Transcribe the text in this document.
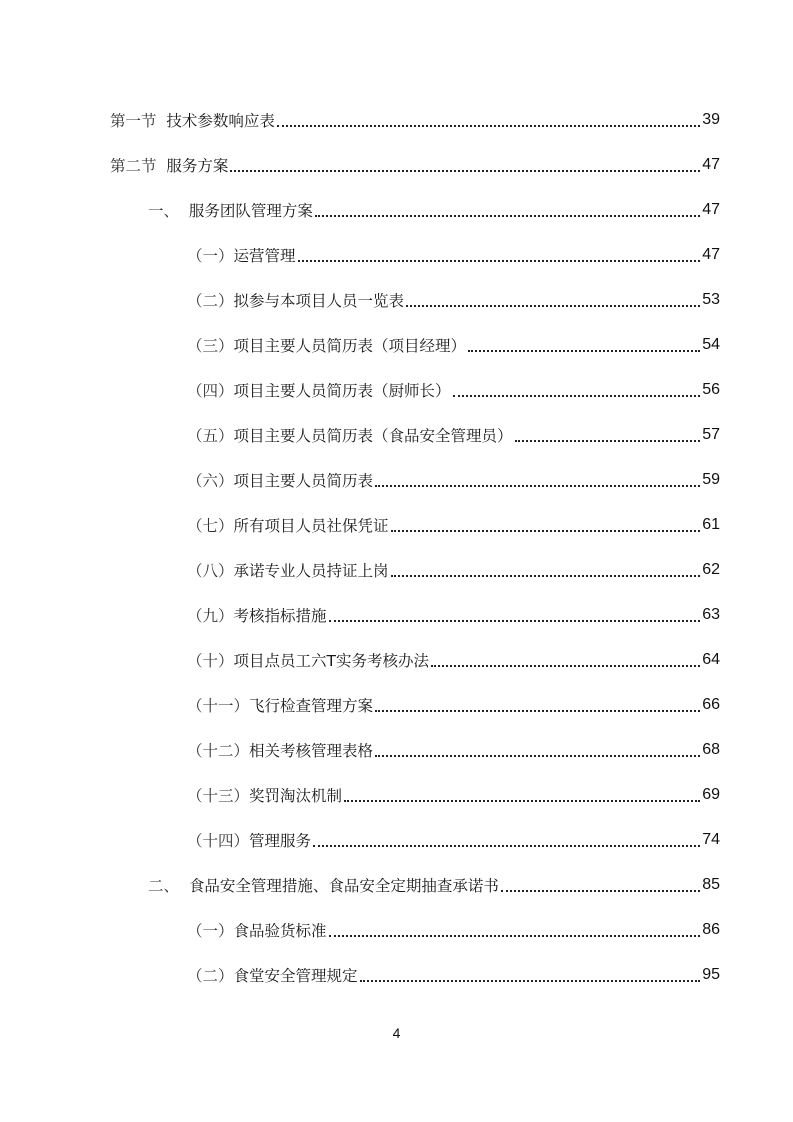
第一节 技术参数响应表	39
第二节 服务方案	47
一、 服务团队管理方案	47
（一） 运营管理	47
（二） 拟参与本项目人员一览表	53
（三） 项目主要人员简历表（项目经理）	54
（四） 项目主要人员简历表（厨师长）	56
（五） 项目主要人员简历表（食品安全管理员）	57
（六） 项目主要人员简历表	59
（七） 所有项目人员社保凭证	61
（八） 承诺专业人员持证上岗	62
（九） 考核指标措施	63
（十） 项目点员工六T实务考核办法	64
（十一） 飞行检查管理方案	66
（十二） 相关考核管理表格	68
（十三） 奖罚淘汰机制	69
（十四） 管理服务	74
二、 食品安全管理措施、食品安全定期抽查承诺书	85
（一） 食品验货标准	86
（二） 食堂安全管理规定	95
4
